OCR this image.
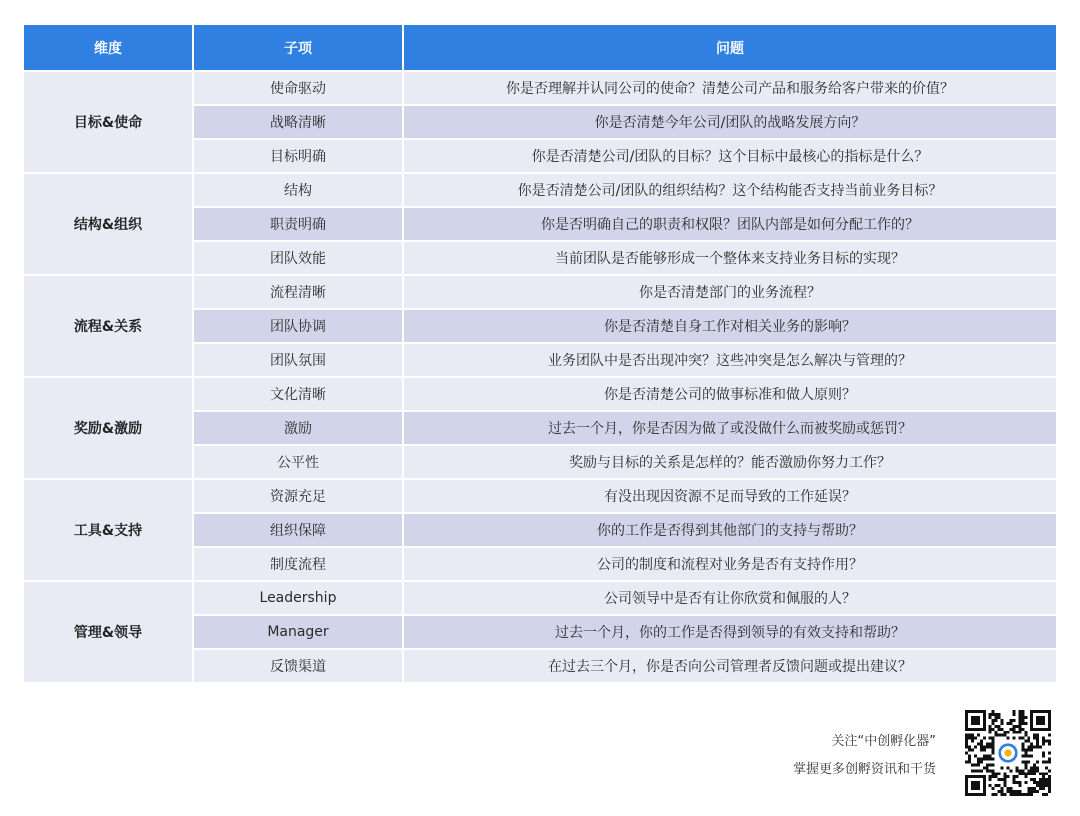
维度	子项	问题
目标&使命	使命驱动	你是否理解并认同公司的使命？清楚公司产品和服务给客户带来的价值？
	战略清晰	你是否清楚今年公司/团队的战略发展方向？
	目标明确	你是否清楚公司/团队的目标？这个目标中最核心的指标是什么？
结构&组织	结构	你是否清楚公司/团队的组织结构？这个结构能否支持当前业务目标？
	职责明确	你是否明确自己的职责和权限？团队内部是如何分配工作的？
	团队效能	当前团队是否能够形成一个整体来支持业务目标的实现？
流程&关系	流程清晰	你是否清楚部门的业务流程？
	团队协调	你是否清楚自身工作对相关业务的影响？
	团队氛围	业务团队中是否出现冲突？这些冲突是怎么解决与管理的？
奖励&激励	文化清晰	你是否清楚公司的做事标准和做人原则？
	激励	过去一个月，你是否因为做了或没做什么而被奖励或惩罚？
	公平性	奖励与目标的关系是怎样的？能否激励你努力工作？
工具&支持	资源充足	有没出现因资源不足而导致的工作延误？
	组织保障	你的工作是否得到其他部门的支持与帮助？
	制度流程	公司的制度和流程对业务是否有支持作用？
管理&领导	Leadership	公司领导中是否有让你欣赏和佩服的人？
	Manager	过去一个月，你的工作是否得到领导的有效支持和帮助？
	反馈渠道	在过去三个月，你是否向公司管理者反馈问题或提出建议？
关注“中创孵化器”
掌握更多创孵资讯和干货
